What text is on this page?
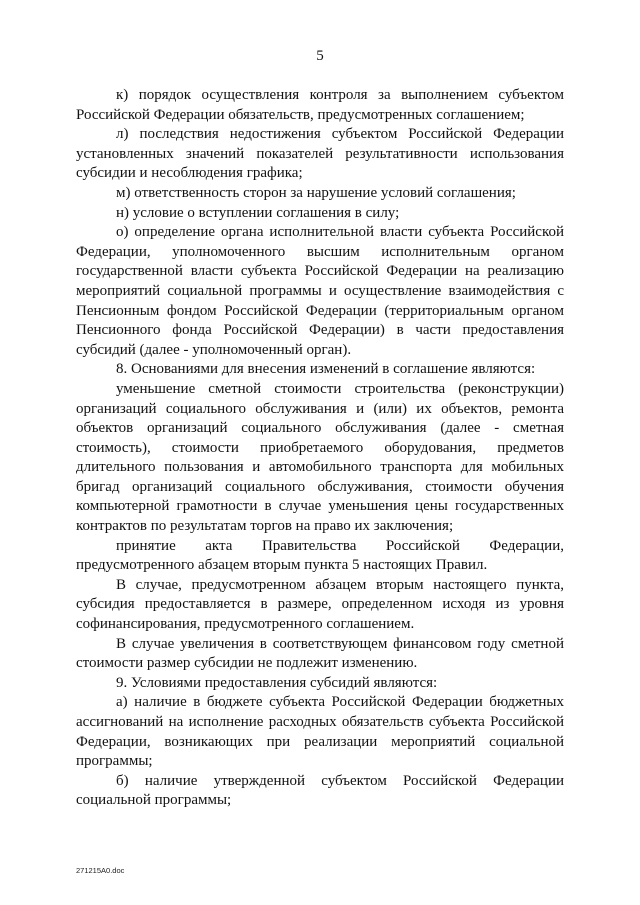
5

к) порядок осуществления контроля за выполнением субъектом Российской Федерации обязательств, предусмотренных соглашением;

л) последствия недостижения субъектом Российской Федерации установленных значений показателей результативности использования субсидии и несоблюдения графика;

м) ответственность сторон за нарушение условий соглашения;

н) условие о вступлении соглашения в силу;

о) определение органа исполнительной власти субъекта Российской Федерации, уполномоченного высшим исполнительным органом государственной власти субъекта Российской Федерации на реализацию мероприятий социальной программы и осуществление взаимодействия с Пенсионным фондом Российской Федерации (территориальным органом Пенсионного фонда Российской Федерации) в части предоставления субсидий (далее - уполномоченный орган).

8. Основаниями для внесения изменений в соглашение являются:

уменьшение сметной стоимости строительства (реконструкции) организаций социального обслуживания и (или) их объектов, ремонта объектов организаций социального обслуживания (далее - сметная стоимость), стоимости приобретаемого оборудования, предметов длительного пользования и автомобильного транспорта для мобильных бригад организаций социального обслуживания, стоимости обучения компьютерной грамотности в случае уменьшения цены государственных контрактов по результатам торгов на право их заключения;

принятие акта Правительства Российской Федерации, предусмотренного абзацем вторым пункта 5 настоящих Правил.

В случае, предусмотренном абзацем вторым настоящего пункта, субсидия предоставляется в размере, определенном исходя из уровня софинансирования, предусмотренного соглашением.

В случае увеличения в соответствующем финансовом году сметной стоимости размер субсидии не подлежит изменению.

9. Условиями предоставления субсидий являются:

а) наличие в бюджете субъекта Российской Федерации бюджетных ассигнований на исполнение расходных обязательств субъекта Российской Федерации, возникающих при реализации мероприятий социальной программы;

б) наличие утвержденной субъектом Российской Федерации социальной программы;

271215A0.doc
